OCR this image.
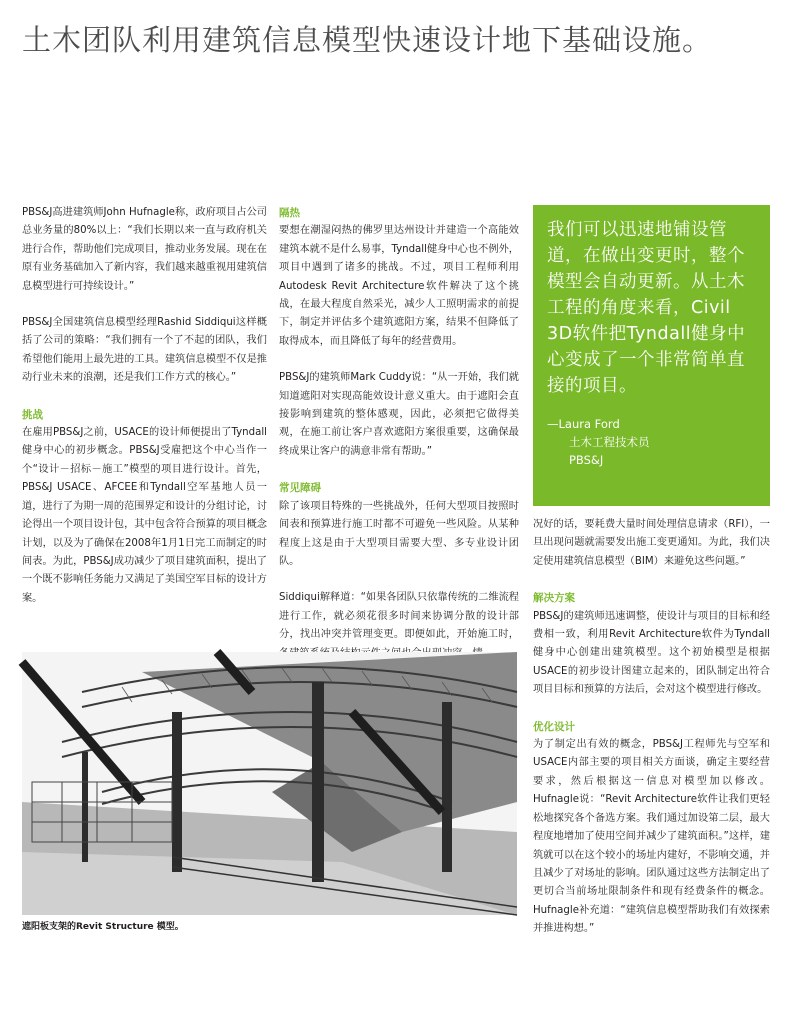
土木团队利用建筑信息模型快速设计地下基础设施。

PBS&J高进建筑师John Hufnagle称，政府项目占公司总业务量的80%以上：“我们长期以来一直与政府机关进行合作，帮助他们完成项目，推动业务发展。现在在原有业务基础加入了新内容，我们越来越重视用建筑信息模型进行可持续设计。”

PBS&J全国建筑信息模型经理Rashid Siddiqui这样概括了公司的策略：“我们拥有一个了不起的团队，我们希望他们能用上最先进的工具。建筑信息模型不仅是推动行业未来的浪潮，还是我们工作方式的核心。”

挑战

在雇用PBS&J之前，USACE的设计师便提出了Tyndall健身中心的初步概念。PBS&J受雇把这个中心当作一个“设计－招标－施工”模型的项目进行设计。首先，PBS&J USACE、AFCEE和Tyndall空军基地人员一道，进行了为期一周的范围界定和设计的分组讨论，讨论得出一个项目设计包，其中包含符合预算的项目概念计划，以及为了确保在2008年1月1日完工而制定的时间表。为此，PBS&J成功减少了项目建筑面积，提出了一个既不影响任务能力又满足了美国空军目标的设计方案。

隔热

要想在潮湿闷热的佛罗里达州设计并建造一个高能效建筑本就不是什么易事，Tyndall健身中心也不例外，项目中遇到了诸多的挑战。不过，项目工程师利用Autodesk Revit Architecture软件解决了这个挑战，在最大程度自然采光，减少人工照明需求的前提下，制定并评估多个建筑遮阳方案，结果不但降低了取得成本，而且降低了每年的经营费用。

PBS&J的建筑师Mark Cuddy说：“从一开始，我们就知道遮阳对实现高能效设计意义重大。由于遮阳会直接影响到建筑的整体感观，因此，必须把它做得美观，在施工前让客户喜欢遮阳方案很重要，这确保最终成果让客户的满意非常有帮助。”

常见障碍

除了该项目特殊的一些挑战外，任何大型项目按照时间表和预算进行施工时都不可避免一些风险。从某种程度上这是由于大型项目需要大型、多专业设计团队。

Siddiqui解释道：“如果各团队只依靠传统的二维流程进行工作，就必须花很多时间来协调分散的设计部分，找出冲突并管理变更。即便如此，开始施工时，

我们可以迅速地铺设管道，在做出变更时，整个模型会自动更新。从土木工程的角度来看，Civil 3D软件把Tyndall健身中心变成了一个非常简单直接的项目。
—Laura Ford
土木工程技术员
PBS&J

况好的话，要耗费大量时间处理信息请求（RFI），一旦出现问题就需要发出施工变更通知。为此，我们决定使用建筑信息模型（BIM）来避免这些问题。”

解决方案

PBS&J的建筑师迅速调整，使设计与项目的目标和经费相一致，利用Revit Architecture软件为Tyndall健身中心创建出建筑模型。这个初始模型是根据USACE的初步设计图建立起来的，团队制定出符合项目目标和预算的方法后，会对这个模型进行修改。

优化设计

为了制定出有效的概念，PBS&J工程师先与空军和USACE内部主要的项目相关方面谈，确定主要经营要求，然后根据这一信息对模型加以修改。Hufnagle说：“Revit Architecture软件让我们更轻松地探究各个备选方案。我们通过加设第二层，最大程度地增加了使用空间并减少了建筑面积。”这样，建筑就可以在这个较小的场址内建好，不影响交通，并且减少了对场址的影响。团队通过这些方法制定出了更切合当前场址限制条件和现有经费条件的概念。Hufnagle补充道：“建筑信息模型帮助我们有效探索并推进构想。”

遮阳板支架的Revit Structure 模型。
